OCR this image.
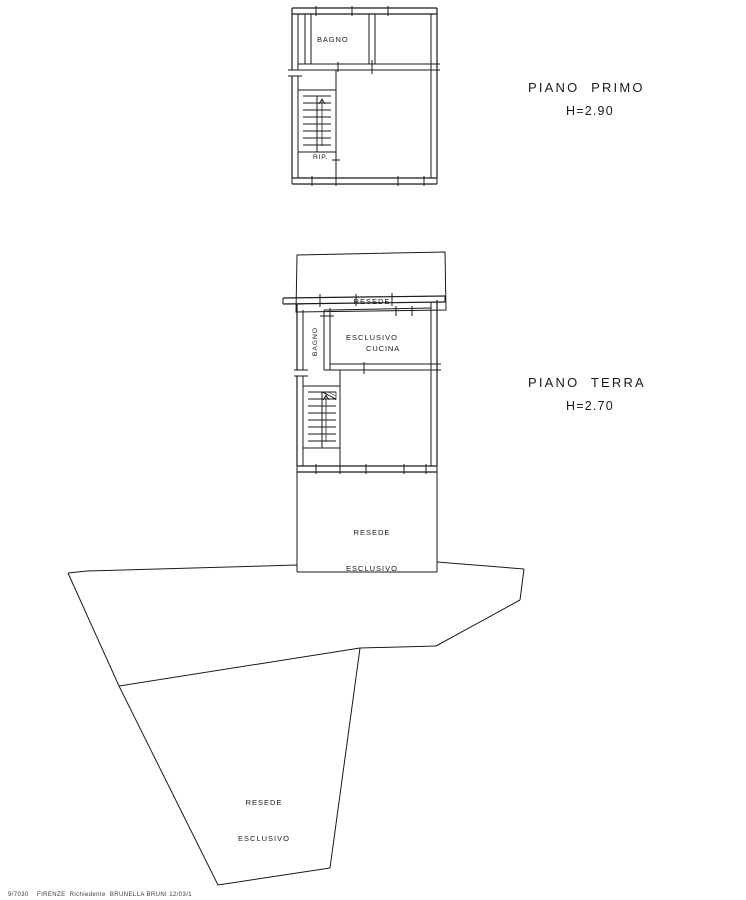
PIANO  PRIMO
H=2.90
PIANO  TERRA
H=2.70
BAGNO
RIP.
BAGNO	CUCINA

RESEDE

ESCLUSIVO

RESEDE

ESCLUSIVO

RESEDE

ESCLUSIVO

9/7030    FIRENZE  Richiedente  BRUNELLA BRUNI 12/03/1
